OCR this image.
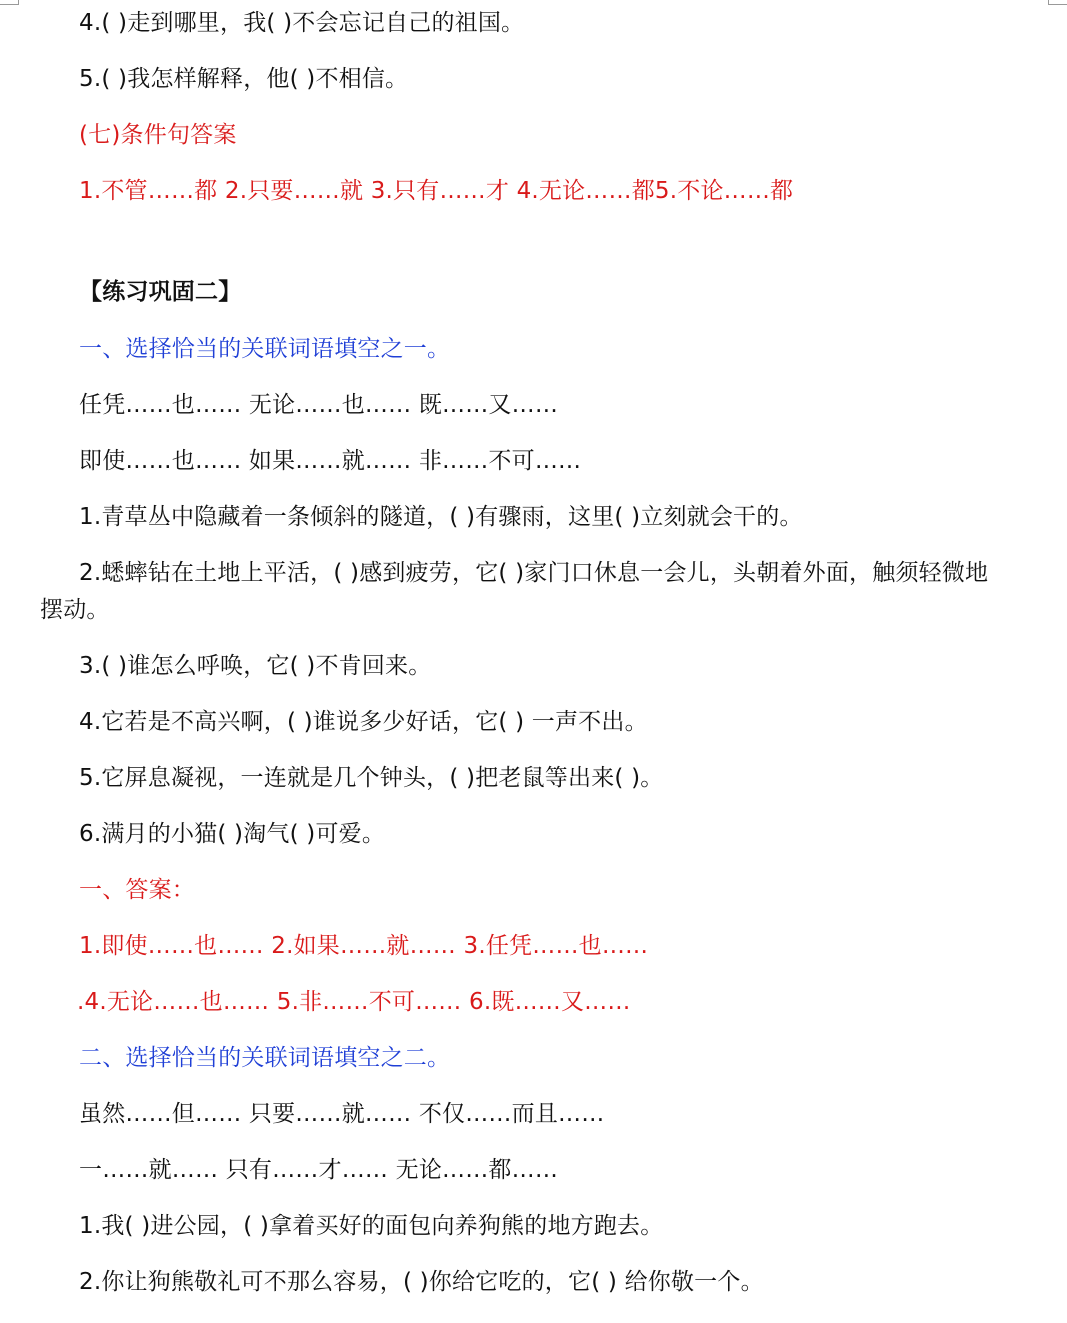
4.( )走到哪里，我( )不会忘记自己的祖国。
5.( )我怎样解释，他( )不相信。
(七)条件句答案
1.不管……都 2.只要……就 3.只有……才 4.无论……都5.不论……都
【练习巩固二】
一、选择恰当的关联词语填空之一。
任凭……也…… 无论……也…… 既……又……
即使……也…… 如果……就…… 非……不可……
1.青草丛中隐藏着一条倾斜的隧道，( )有骤雨，这里( )立刻就会干的。
2.蟋蟀钻在土地上平活，( )感到疲劳，它( )家门口休息一会儿，头朝着外面，触须轻微地摆动。
3.( )谁怎么呼唤，它( )不肯回来。
4.它若是不高兴啊，( )谁说多少好话，它( ) 一声不出。
5.它屏息凝视，一连就是几个钟头，( )把老鼠等出来( )。
6.满月的小猫( )淘气( )可爱。
一、答案：
1.即使……也…… 2.如果……就…… 3.任凭……也……
.4.无论……也…… 5.非……不可…… 6.既……又……
二、选择恰当的关联词语填空之二。
虽然……但…… 只要……就…… 不仅……而且……
一……就…… 只有……才…… 无论……都……
1.我( )进公园，( )拿着买好的面包向养狗熊的地方跑去。
2.你让狗熊敬礼可不那么容易，( )你给它吃的，它( ) 给你敬一个。
